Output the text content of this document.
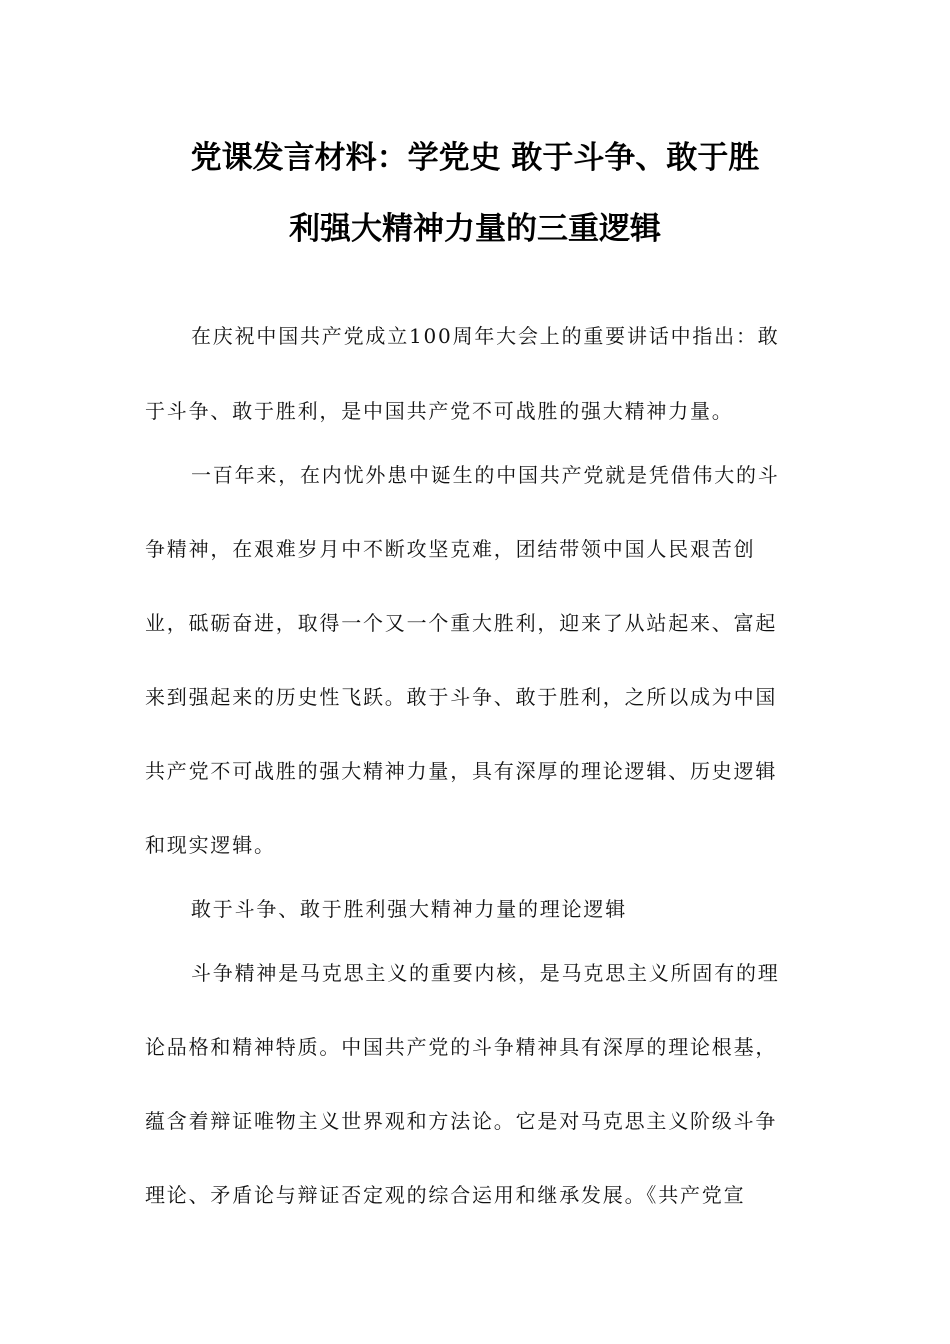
党课发言材料：学党史 敢于斗争、敢于胜
利强大精神力量的三重逻辑

在庆祝中国共产党成立100周年大会上的重要讲话中指出：敢

于斗争、敢于胜利，是中国共产党不可战胜的强大精神力量。

一百年来，在内忧外患中诞生的中国共产党就是凭借伟大的斗

争精神，在艰难岁月中不断攻坚克难，团结带领中国人民艰苦创

业，砥砺奋进，取得一个又一个重大胜利，迎来了从站起来、富起

来到强起来的历史性飞跃。敢于斗争、敢于胜利，之所以成为中国

共产党不可战胜的强大精神力量，具有深厚的理论逻辑、历史逻辑

和现实逻辑。

敢于斗争、敢于胜利强大精神力量的理论逻辑

斗争精神是马克思主义的重要内核，是马克思主义所固有的理

论品格和精神特质。中国共产党的斗争精神具有深厚的理论根基，

蕴含着辩证唯物主义世界观和方法论。它是对马克思主义阶级斗争

理论、矛盾论与辩证否定观的综合运用和继承发展。《共产党宣
